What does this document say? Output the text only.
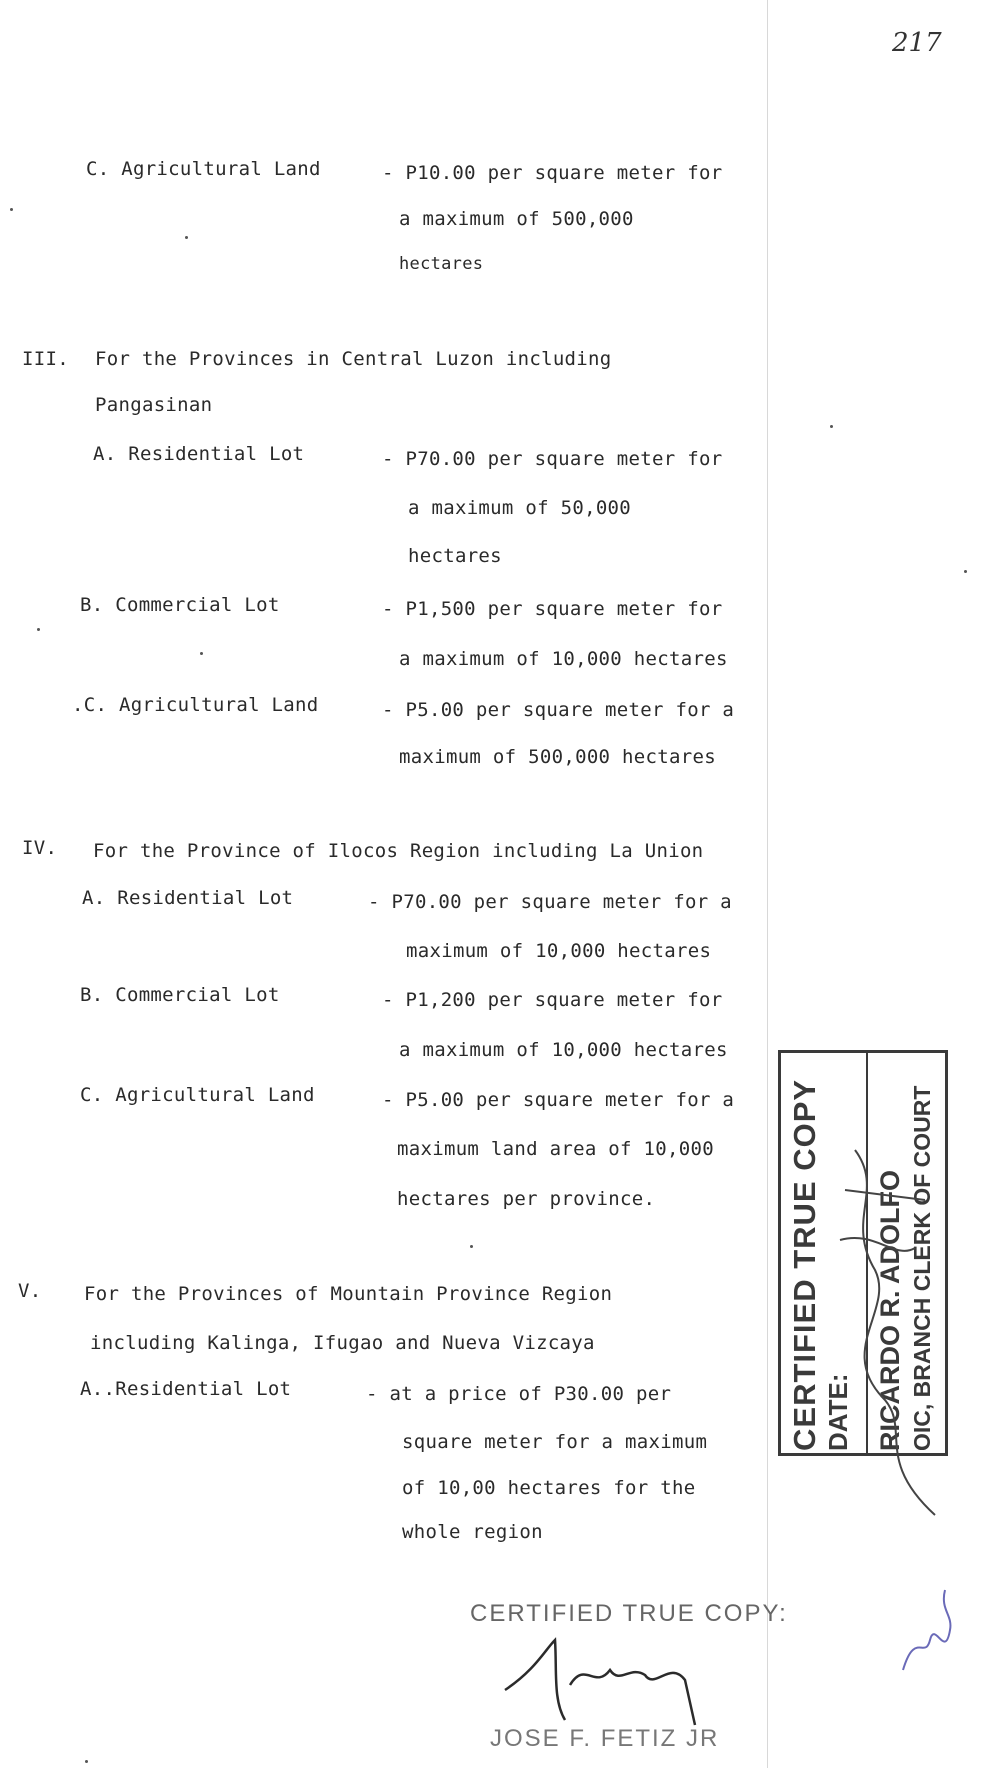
217
C. Agricultural Land	- P10.00 per square meter for
a maximum of 500,000
hectares
III. For the Provinces in Central Luzon including
Pangasinan
A. Residential Lot	- P70.00 per square meter for
a maximum of 50,000
hectares
B. Commercial Lot	- P1,500 per square meter for
a maximum of 10,000 hectares
.C. Agricultural Land	- P5.00 per square meter for a
maximum of 500,000 hectares
IV. For the Province of Ilocos Region including La Union
A. Residential Lot	- P70.00 per square meter for a
maximum of 10,000 hectares
B. Commercial Lot	- P1,200 per square meter for
a maximum of 10,000 hectares
C. Agricultural Land	- P5.00 per square meter for a
maximum land area of 10,000
hectares per province.
V. For the Provinces of Mountain Province Region
including Kalinga, Ifugao and Nueva Vizcaya
A..Residential Lot	- at a price of P30.00 per
square meter for a maximum
of 10,00 hectares for the
whole region
CERTIFIED TRUE COPY DATE: RICARDO R. ADOLFO OIC, BRANCH CLERK OF COURT
CERTIFIED TRUE COPY:
JOSE F. FETIZ JR
